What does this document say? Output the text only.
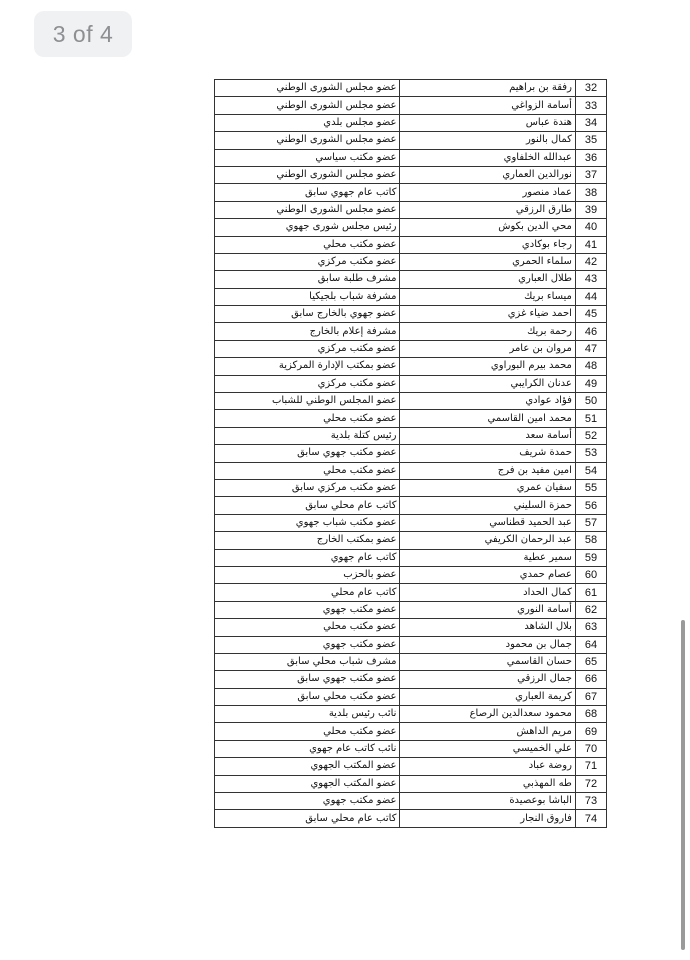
3 of 4
عضو مجلس الشورى الوطني	رفقة بن براهيم	32
عضو مجلس الشورى الوطني	أسامة الزواغي	33
عضو مجلس بلدي	هندة عباس	34
عضو مجلس الشورى الوطني	كمال بالنور	35
عضو مكتب سياسي	عبدالله الخلفاوي	36
عضو مجلس الشورى الوطني	نورالدين العماري	37
كاتب عام جهوي سابق	عماد منصور	38
عضو مجلس الشورى الوطني	طارق الرزقي	39
رئيس مجلس شورى جهوي	محي الدين بكوش	40
عضو مكتب محلي	رجاء بوكادي	41
عضو مكتب مركزي	سلماء الحمري	42
مشرف طلبة سابق	طلال العباري	43
مشرفة شباب بلجيكيا	ميساء بريك	44
عضو جهوي بالخارج سابق	احمد ضياء غزي	45
مشرفة إعلام بالخارج	رحمة بريك	46
عضو مكتب مركزي	مروان بن عامر	47
عضو بمكتب الإدارة المركزية	محمد بيرم البوراوي	48
عضو مكتب مركزي	عدنان الكرايبي	49
عضو المجلس الوطني للشباب	فؤاد عوادي	50
عضو مكتب محلي	محمد امين القاسمي	51
رئيس كتلة بلدية	أسامة سعد	52
عضو مكتب جهوي سابق	حمدة شريف	53
عضو مكتب محلي	امين مفيد بن فرج	54
عضو مكتب مركزي سابق	سفيان عمري	55
كاتب عام محلي سابق	حمزة السليني	56
عضو مكتب شباب جهوي	عبد الحميد قطناسي	57
عضو بمكتب الخارج	عبد الرحمان الكريفي	58
كاتب عام جهوي	سمير عطية	59
عضو بالحزب	عصام حمدي	60
كاتب عام محلي	كمال الحداد	61
عضو مكتب جهوي	أسامة النوري	62
عضو مكتب محلي	بلال الشاهد	63
عضو مكتب جهوي	جمال بن محمود	64
مشرف شباب محلي سابق	حسان القاسمي	65
عضو مكتب جهوي سابق	جمال الرزقي	66
عضو مكتب محلي سابق	كريمة العباري	67
نائب رئيس بلدية	محمود سعدالدين الرصاع	68
عضو مكتب محلي	مريم الداهش	69
نائب كاتب عام جهوي	علي الخميسي	70
عضو المكتب الجهوي	روضة عباد	71
عضو المكتب الجهوي	طه المهذبي	72
عضو مكتب جهوي	الباشا بوعصيدة	73
كاتب عام محلي سابق	فاروق النجار	74
